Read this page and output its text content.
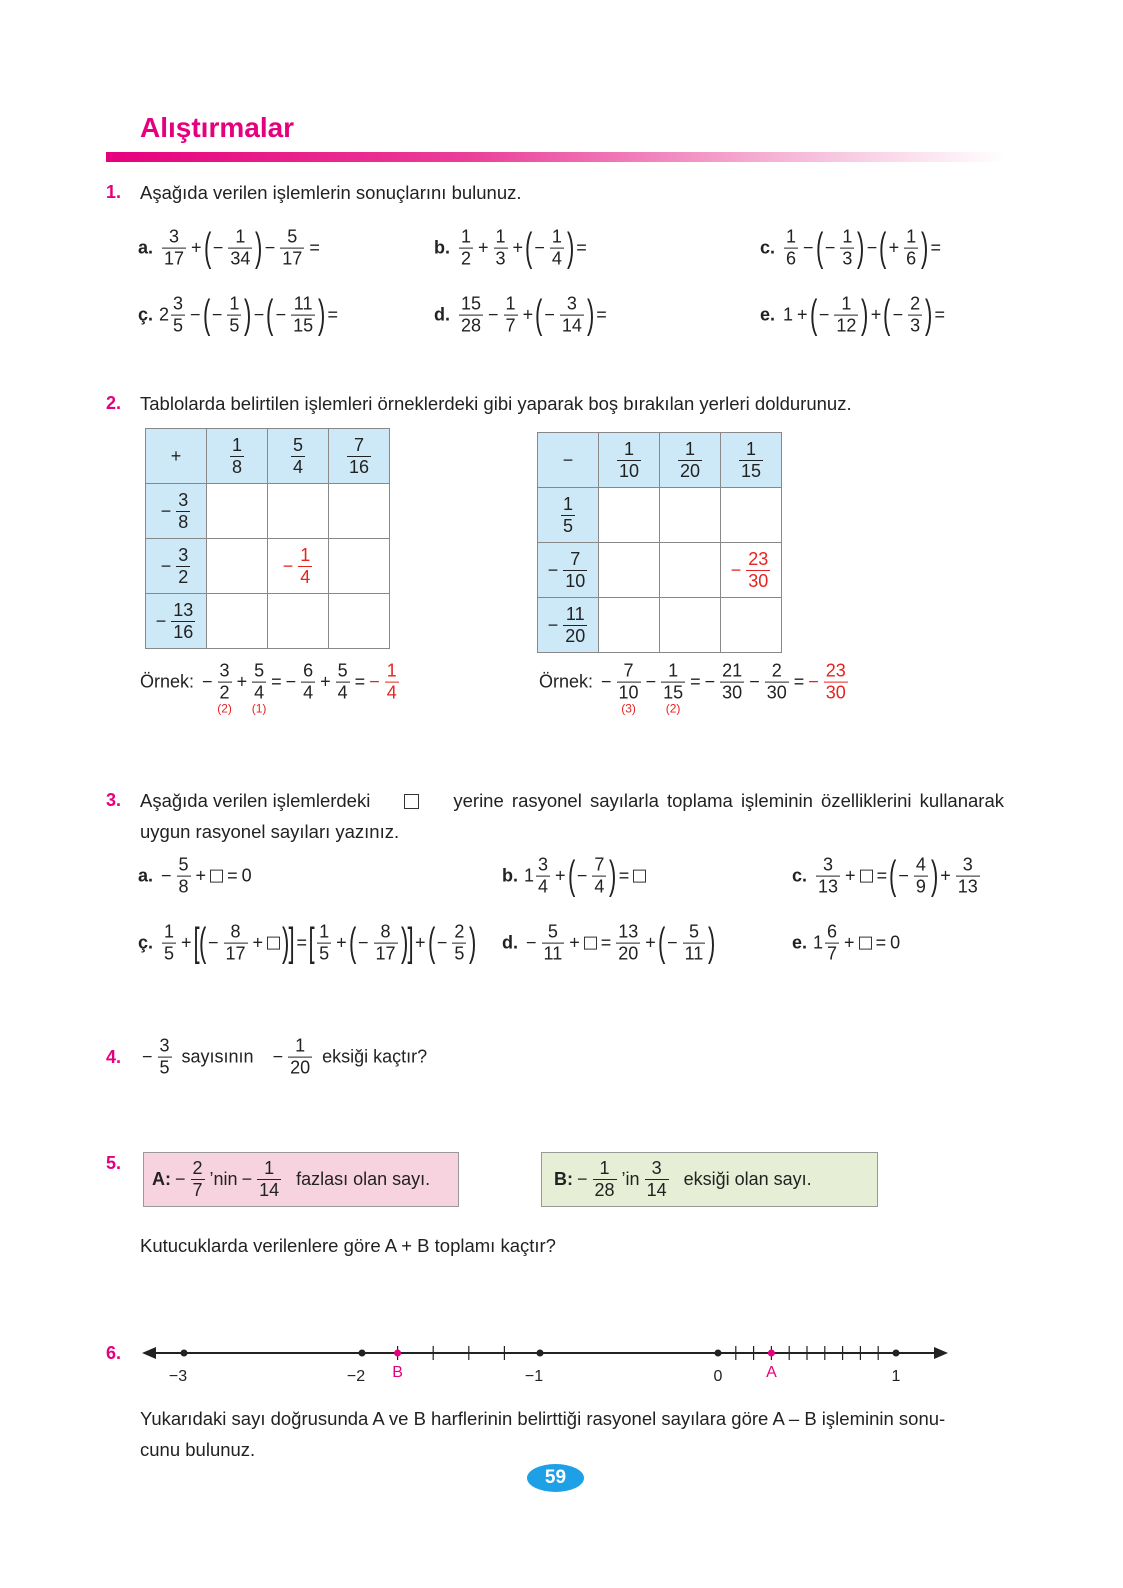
Alıştırmalar
1. Aşağıda verilen işlemlerin sonuçlarını bulunuz.
a. $\frac{3}{17}$ + ( − $\frac{1}{34}$ ) − $\frac{5}{17}$ =	b. $\frac{1}{2} + \frac{1}{3}$ + ( − $\frac{1}{4}$ ) =	c. $\frac{1}{6}$ − ( − $\frac{1}{3}$ ) − ( + $\frac{1}{6}$ ) =
ç. $2 \frac{3}{5}$ − ( − $\frac{1}{5}$ ) − ( − $\frac{11}{15}$ ) =	d. $\frac{15}{28} - \frac{1}{7}$ + ( − $\frac{3}{14}$ ) =	e. 1 + ( − $\frac{1}{12}$ ) + ( − $\frac{2}{3}$ ) =
2. Tablolarda belirtilen işlemleri örneklerdeki gibi yaparak boş bırakılan yerleri doldurunuz.
+	$\frac{1}{8}$	$\frac{5}{4}$	$\frac{7}{16}$

− $\frac{3}{8}$

− $\frac{3}{2}$		− $\frac{1}{4}$

− $\frac{13}{16}$

−	$\frac{1}{10}$	$\frac{1}{20}$	$\frac{1}{15}$

$\frac{1}{5}$

− $\frac{7}{10}$			− $\frac{23}{30}$

− $\frac{11}{20}$

Örnek: −
3
2
(2)
+
5
4
(1)
= − $\frac{6}{4} + \frac{5}{4}$ = − $\frac{1}{4}$	Örnek: −
7
10
(3)
−
1
15
(2)
= − $\frac{21}{30} - \frac{2}{30}$ = − $\frac{23}{30}$
3. Aşağıda verilen işlemlerdeki	yerine rasyonel sayılarla toplama işleminin özelliklerini kullanarak
uygun rasyonel sayıları yazınız.
a. − $\frac{5}{8}$ + = 0	b. $1 \frac{3}{4}$ + ( − $\frac{7}{4}$ ) =	c. $\frac{3}{13}$ + = ( − $\frac{4}{9}$ ) + $\frac{3}{13}$
ç. $\frac{1}{5}$ + [ ( − $\frac{8}{17}$ + ) ] = [ $\frac{1}{5}$ + ( − $\frac{8}{17}$ ) ] + ( − $\frac{2}{5}$ ) d. − $\frac{5}{11}$ + = $\frac{13}{20}$ + ( − $\frac{5}{11}$ )	e. $1 \frac{6}{7}$ + = 0
4. − $\frac{3}{5}$ sayısının − $\frac{1}{20}$ eksiği kaçtır?
5.
A: − $\frac{2}{7}$ ’nin − $\frac{1}{14}$ fazlası olan sayı.	B: − $\frac{1}{28}$ ’in $\frac{3}{14}$ eksiği olan sayı.
Kutucuklarda verilenlere göre A + B toplamı kaçtır?
6.
−3	−2	−1	0	1
B	A
Yukarıdaki sayı doğrusunda A ve B harflerinin belirttiği rasyonel sayılara göre A – B işleminin sonu-
cunu bulunuz.
59
